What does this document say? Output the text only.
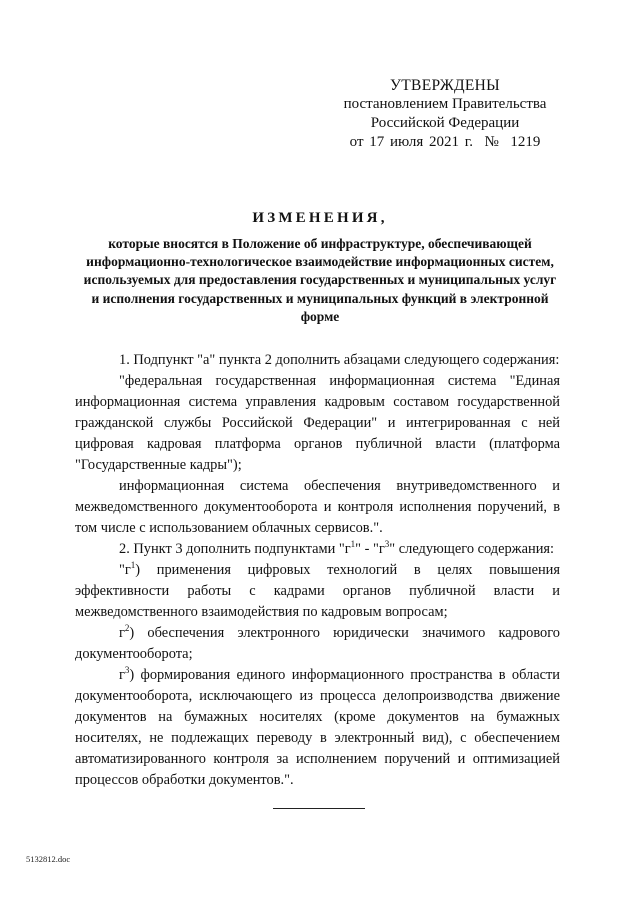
УТВЕРЖДЕНЫ
постановлением Правительства
Российской Федерации
от 17 июля 2021 г. № 1219
ИЗМЕНЕНИЯ,
которые вносятся в Положение об инфраструктуре, обеспечивающей информационно-технологическое взаимодействие информационных систем, используемых для предоставления государственных и муниципальных услуг и исполнения государственных и муниципальных функций в электронной форме

1. Подпункт "а" пункта 2 дополнить абзацами следующего содержания:

"федеральная государственная информационная система "Единая информационная система управления кадровым составом государственной гражданской службы Российской Федерации" и интегрированная с ней цифровая кадровая платформа органов публичной власти (платформа "Государственные кадры");

информационная система обеспечения внутриведомственного и межведомственного документооборота и контроля исполнения поручений, в том числе с использованием облачных сервисов.".

2. Пункт 3 дополнить подпунктами "$г^1$" - "$г^3$" следующего содержания:

"$г^1$) применения цифровых технологий в целях повышения эффективности работы с кадрами органов публичной власти и межведомственного взаимодействия по кадровым вопросам;

$г^2$) обеспечения электронного юридически значимого кадрового документооборота;

$г^3$) формирования единого информационного пространства в области документооборота, исключающего из процесса делопроизводства движение документов на бумажных носителях (кроме документов на бумажных носителях, не подлежащих переводу в электронный вид), с обеспечением автоматизированного контроля за исполнением поручений и оптимизацией процессов обработки документов.".

5132812.doc
